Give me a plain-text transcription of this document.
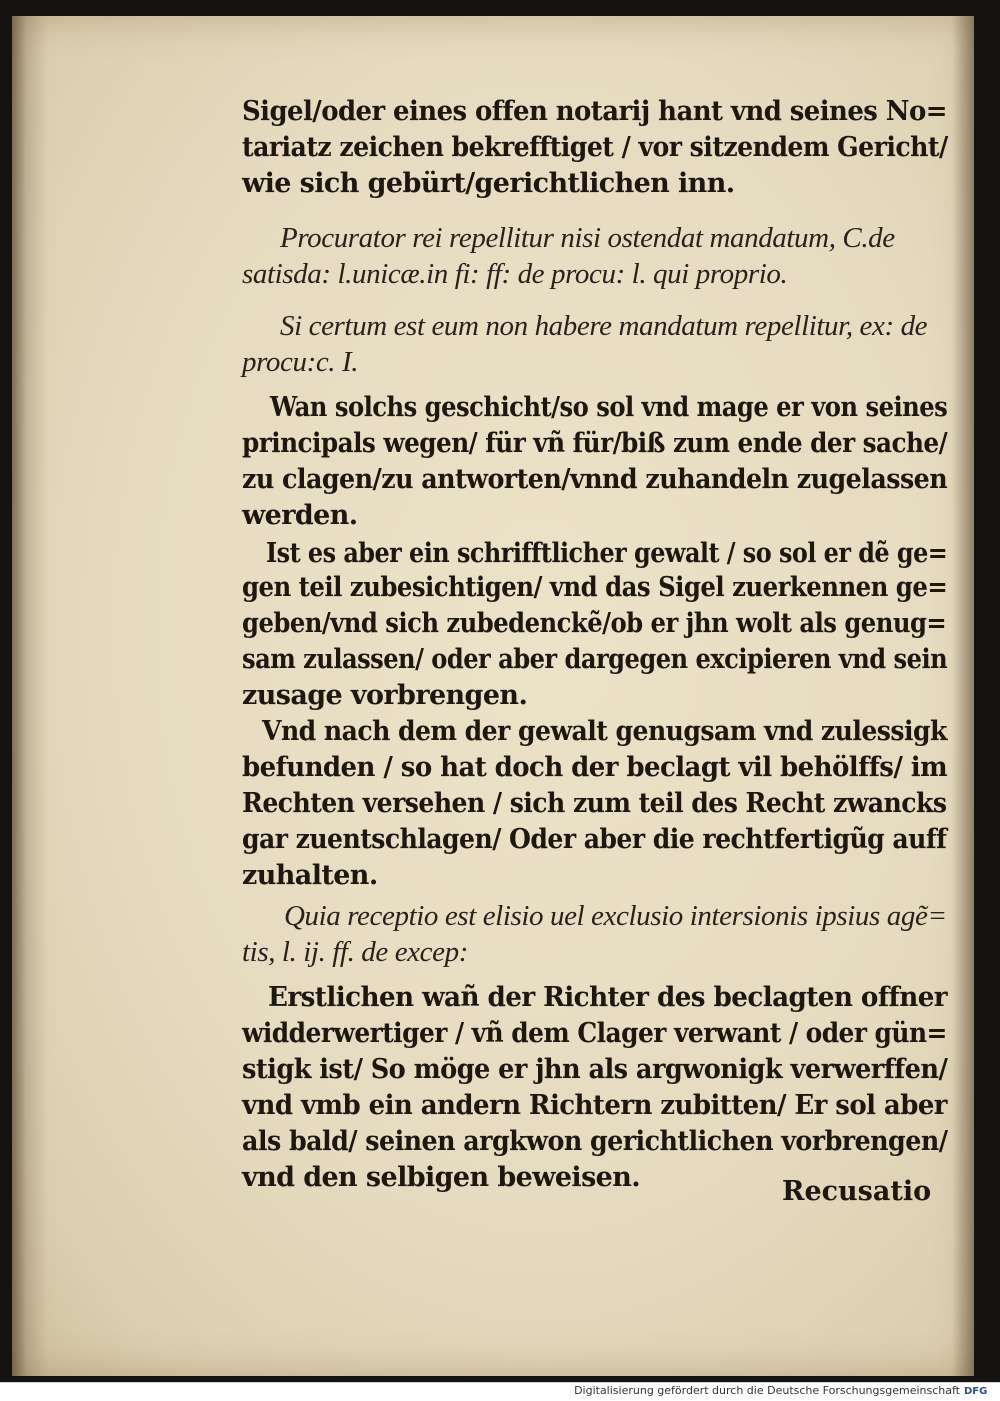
Sigel/oder eines offen notarij hant vnd seines No=
tariatz zeichen bekrefftiget / vor sitzendem Gericht/
wie sich gebürt/gerichtlichen inn.
Procurator rei repellitur nisi ostendat mandatum, C.de
satisda: l.unicæ.in fi: ff: de procu: l. qui proprio.
Si certum est eum non habere mandatum repellitur, ex: de
procu:c. I.
Wan solchs geschicht/so sol vnd mage er von seines
principals wegen/ für vñ für/biß zum ende der sache/
zu clagen/zu antworten/vnnd zuhandeln zugelassen
werden.
Ist es aber ein schrifftlicher gewalt / so sol er dẽ ge=
gen teil zubesichtigen/ vnd das Sigel zuerkennen ge=
geben/vnd sich zubedenckẽ/ob er jhn wolt als genug=
sam zulassen/ oder aber dargegen excipieren vnd sein
zusage vorbrengen.
Vnd nach dem der gewalt genugsam vnd zulessigk
befunden / so hat doch der beclagt vil behölffs/ im
Rechten versehen / sich zum teil des Recht zwancks
gar zuentschlagen/ Oder aber die rechtfertigũg auff
zuhalten.
Quia receptio est elisio uel exclusio intersionis ipsius agẽ=
tis, l. ij. ff. de excep:
Erstlichen wañ der Richter des beclagten offner
widderwertiger / vñ dem Clager verwant / oder gün=
stigk ist/ So möge er jhn als argwonigk verwerffen/
vnd vmb ein andern Richtern zubitten/ Er sol aber
als bald/ seinen argkwon gerichtlichen vorbrengen/
vnd den selbigen beweisen.	Recusatio
Digitalisierung gefördert durch die Deutsche Forschungsgemeinschaft DFG
